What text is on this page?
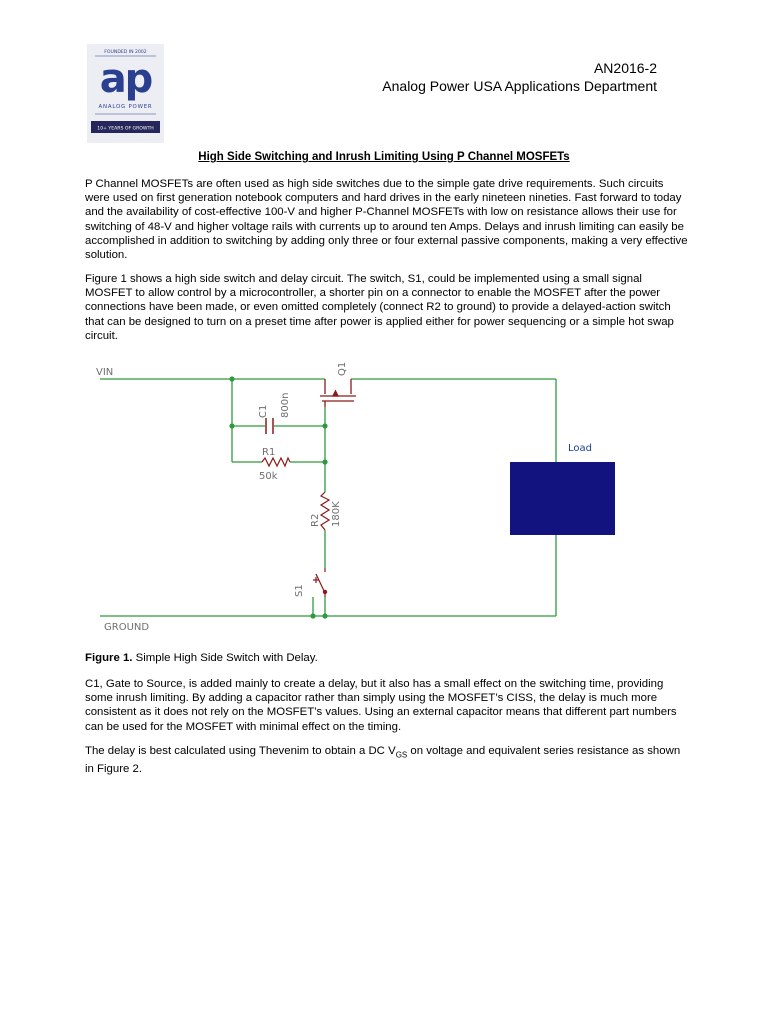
FOUNDED IN 2002
ap
ANALOG POWER
10+ YEARS OF GROWTH
AN2016-2
Analog Power USA Applications Department
High Side Switching and Inrush Limiting Using P Channel MOSFETs

P Channel MOSFETs are often used as high side switches due to the simple gate drive requirements. Such circuits were used on first generation notebook computers and hard drives in the early nineteen nineties. Fast forward to today and the availability of cost-effective 100-V and higher P-Channel MOSFETs with low on resistance allows their use for switching of 48-V and higher voltage rails with currents up to around ten Amps. Delays and inrush limiting can easily be accomplished in addition to switching by adding only three or four external passive components, making a very effective solution.

Figure 1 shows a high side switch and delay circuit. The switch, S1, could be implemented using a small signal MOSFET to allow control by a microcontroller, a shorter pin on a connector to enable the MOSFET after the power connections have been made, or even omitted completely (connect R2 to ground) to provide a delayed-action switch that can be designed to turn on a preset time after power is applied either for power sequencing or a simple hot swap circuit.

VIN
GROUND
Q1
C1 800n
R1
50k
R2 180K
S1
Load

Figure 1. Simple High Side Switch with Delay.

C1, Gate to Source, is added mainly to create a delay, but it also has a small effect on the switching time, providing some inrush limiting. By adding a capacitor rather than simply using the MOSFET’s CISS, the delay is much more consistent as it does not rely on the MOSFET’s values. Using an external capacitor means that different part numbers can be used for the MOSFET with minimal effect on the timing.

The delay is best calculated using Thevenim to obtain a DC $V_{GS}$ on voltage and equivalent series resistance as shown in Figure 2.
